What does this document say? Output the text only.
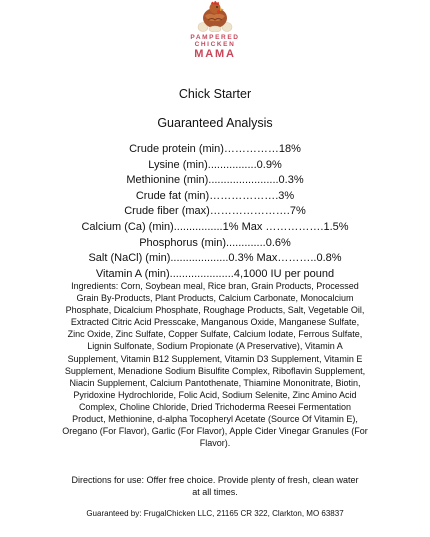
PAMPERED
CHICKEN
MAMA
Chick Starter
Guaranteed Analysis
Crude protein (min)……………18%
Lysine (min)................0.9%
Methionine (min).......................0.3%
Crude fat (min)……………….3%
Crude fiber (max)………………….7%
Calcium (Ca) (min)................1% Max …………….1.5%
Phosphorus (min).............0.6%
Salt (NaCl) (min)...................0.3% Max………..0.8%
Vitamin A (min).....................4,1000 IU per pound
Ingredients: Corn, Soybean meal, Rice bran, Grain Products, Processed Grain By-Products, Plant Products, Calcium Carbonate, Monocalcium Phosphate, Dicalcium Phosphate, Roughage Products, Salt, Vegetable Oil, Extracted Citric Acid Presscake, Manganous Oxide, Manganese Sulfate, Zinc Oxide, Zinc Sulfate, Copper Sulfate, Calcium Iodate, Ferrous Sulfate, Lignin Sulfonate, Sodium Propionate (A Preservative), Vitamin A Supplement, Vitamin B12 Supplement, Vitamin D3 Supplement, Vitamin E Supplement, Menadione Sodium Bisulfite Complex, Riboflavin Supplement, Niacin Supplement, Calcium Pantothenate, Thiamine Mononitrate, Biotin, Pyridoxine Hydrochloride, Folic Acid, Sodium Selenite, Zinc Amino Acid Complex, Choline Chloride, Dried Trichoderma Reesei Fermentation Product, Methionine, d-alpha Tocopheryl Acetate (Source Of Vitamin E), Oregano (For Flavor), Garlic (For Flavor), Apple Cider Vinegar Granules (For Flavor).
Directions for use: Offer free choice. Provide plenty of fresh, clean water at all times.
Guaranteed by: FrugalChicken LLC, 21165 CR 322, Clarkton, MO 63837
